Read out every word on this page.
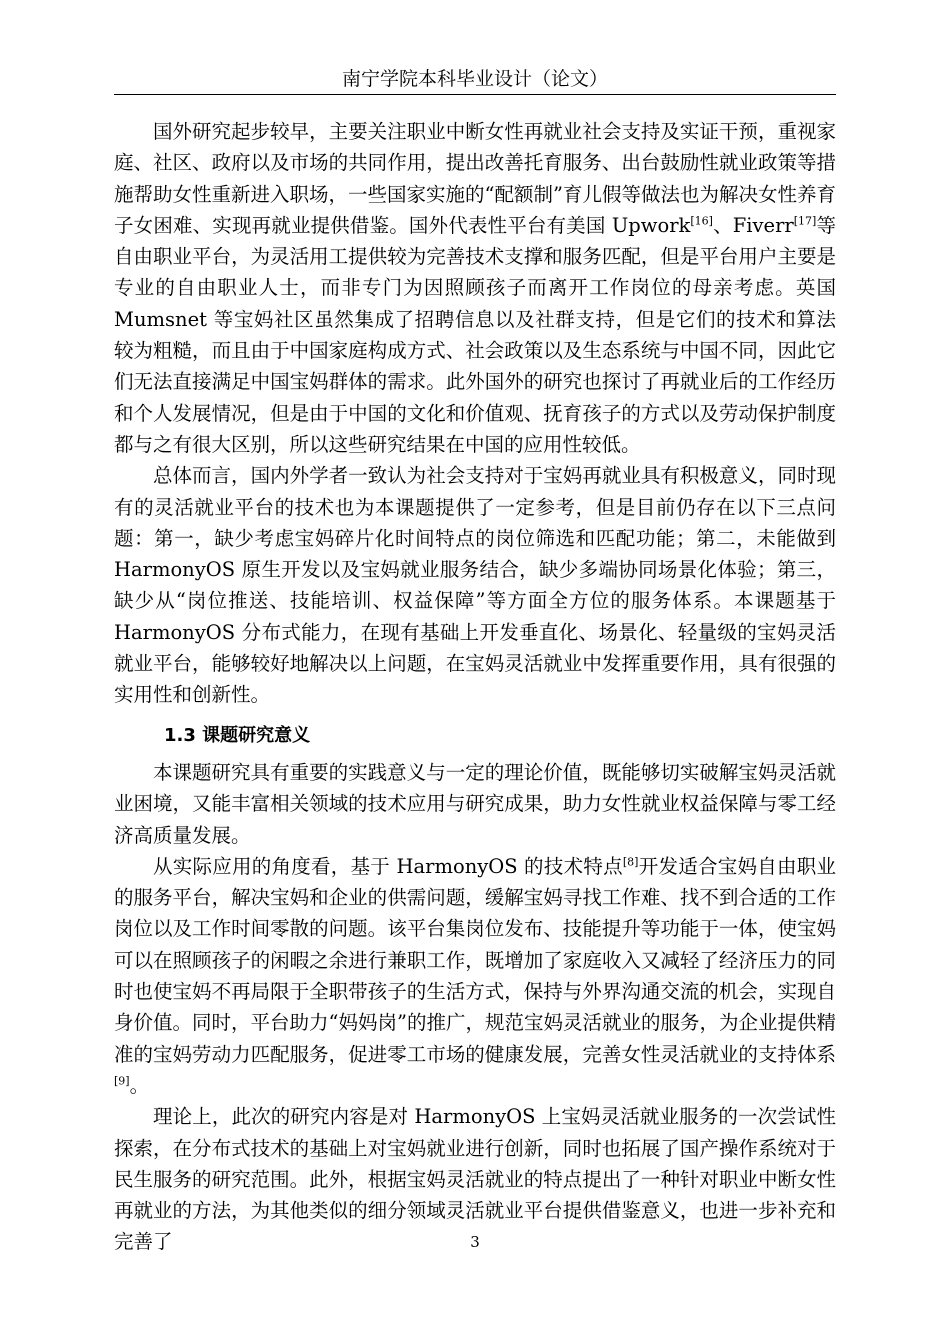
南宁学院本科毕业设计（论文）

国外研究起步较早，主要关注职业中断女性再就业社会支持及实证干预，重视家庭、社区、政府以及市场的共同作用，提出改善托育服务、出台鼓励性就业政策等措施帮助女性重新进入职场，一些国家实施的“配额制”育儿假等做法也为解决女性养育子女困难、实现再就业提供借鉴。国外代表性平台有美国 Upwork[16]、Fiverr[17]等自由职业平台，为灵活用工提供较为完善技术支撑和服务匹配，但是平台用户主要是专业的自由职业人士，而非专门为因照顾孩子而离开工作岗位的母亲考虑。英国 Mumsnet 等宝妈社区虽然集成了招聘信息以及社群支持，但是它们的技术和算法较为粗糙，而且由于中国家庭构成方式、社会政策以及生态系统与中国不同，因此它们无法直接满足中国宝妈群体的需求。此外国外的研究也探讨了再就业后的工作经历和个人发展情况，但是由于中国的文化和价值观、抚育孩子的方式以及劳动保护制度都与之有很大区别，所以这些研究结果在中国的应用性较低。

总体而言，国内外学者一致认为社会支持对于宝妈再就业具有积极意义，同时现有的灵活就业平台的技术也为本课题提供了一定参考，但是目前仍存在以下三点问题：第一，缺少考虑宝妈碎片化时间特点的岗位筛选和匹配功能；第二，未能做到 HarmonyOS 原生开发以及宝妈就业服务结合，缺少多端协同场景化体验；第三，缺少从“岗位推送、技能培训、权益保障”等方面全方位的服务体系。本课题基于 HarmonyOS 分布式能力，在现有基础上开发垂直化、场景化、轻量级的宝妈灵活就业平台，能够较好地解决以上问题，在宝妈灵活就业中发挥重要作用，具有很强的实用性和创新性。

1.3 课题研究意义

本课题研究具有重要的实践意义与一定的理论价值，既能够切实破解宝妈灵活就业困境，又能丰富相关领域的技术应用与研究成果，助力女性就业权益保障与零工经济高质量发展。

从实际应用的角度看，基于 HarmonyOS 的技术特点[8]开发适合宝妈自由职业的服务平台，解决宝妈和企业的供需问题，缓解宝妈寻找工作难、找不到合适的工作岗位以及工作时间零散的问题。该平台集岗位发布、技能提升等功能于一体，使宝妈可以在照顾孩子的闲暇之余进行兼职工作，既增加了家庭收入又减轻了经济压力的同时也使宝妈不再局限于全职带孩子的生活方式，保持与外界沟通交流的机会，实现自身价值。同时，平台助力“妈妈岗”的推广，规范宝妈灵活就业的服务，为企业提供精准的宝妈劳动力匹配服务，促进零工市场的健康发展，完善女性灵活就业的支持体系[9]。

理论上，此次的研究内容是对 HarmonyOS 上宝妈灵活就业服务的一次尝试性探索，在分布式技术的基础上对宝妈就业进行创新，同时也拓展了国产操作系统对于民生服务的研究范围。此外，根据宝妈灵活就业的特点提出了一种针对职业中断女性再就业的方法，为其他类似的细分领域灵活就业平台提供借鉴意义，也进一步补充和完善了	3
